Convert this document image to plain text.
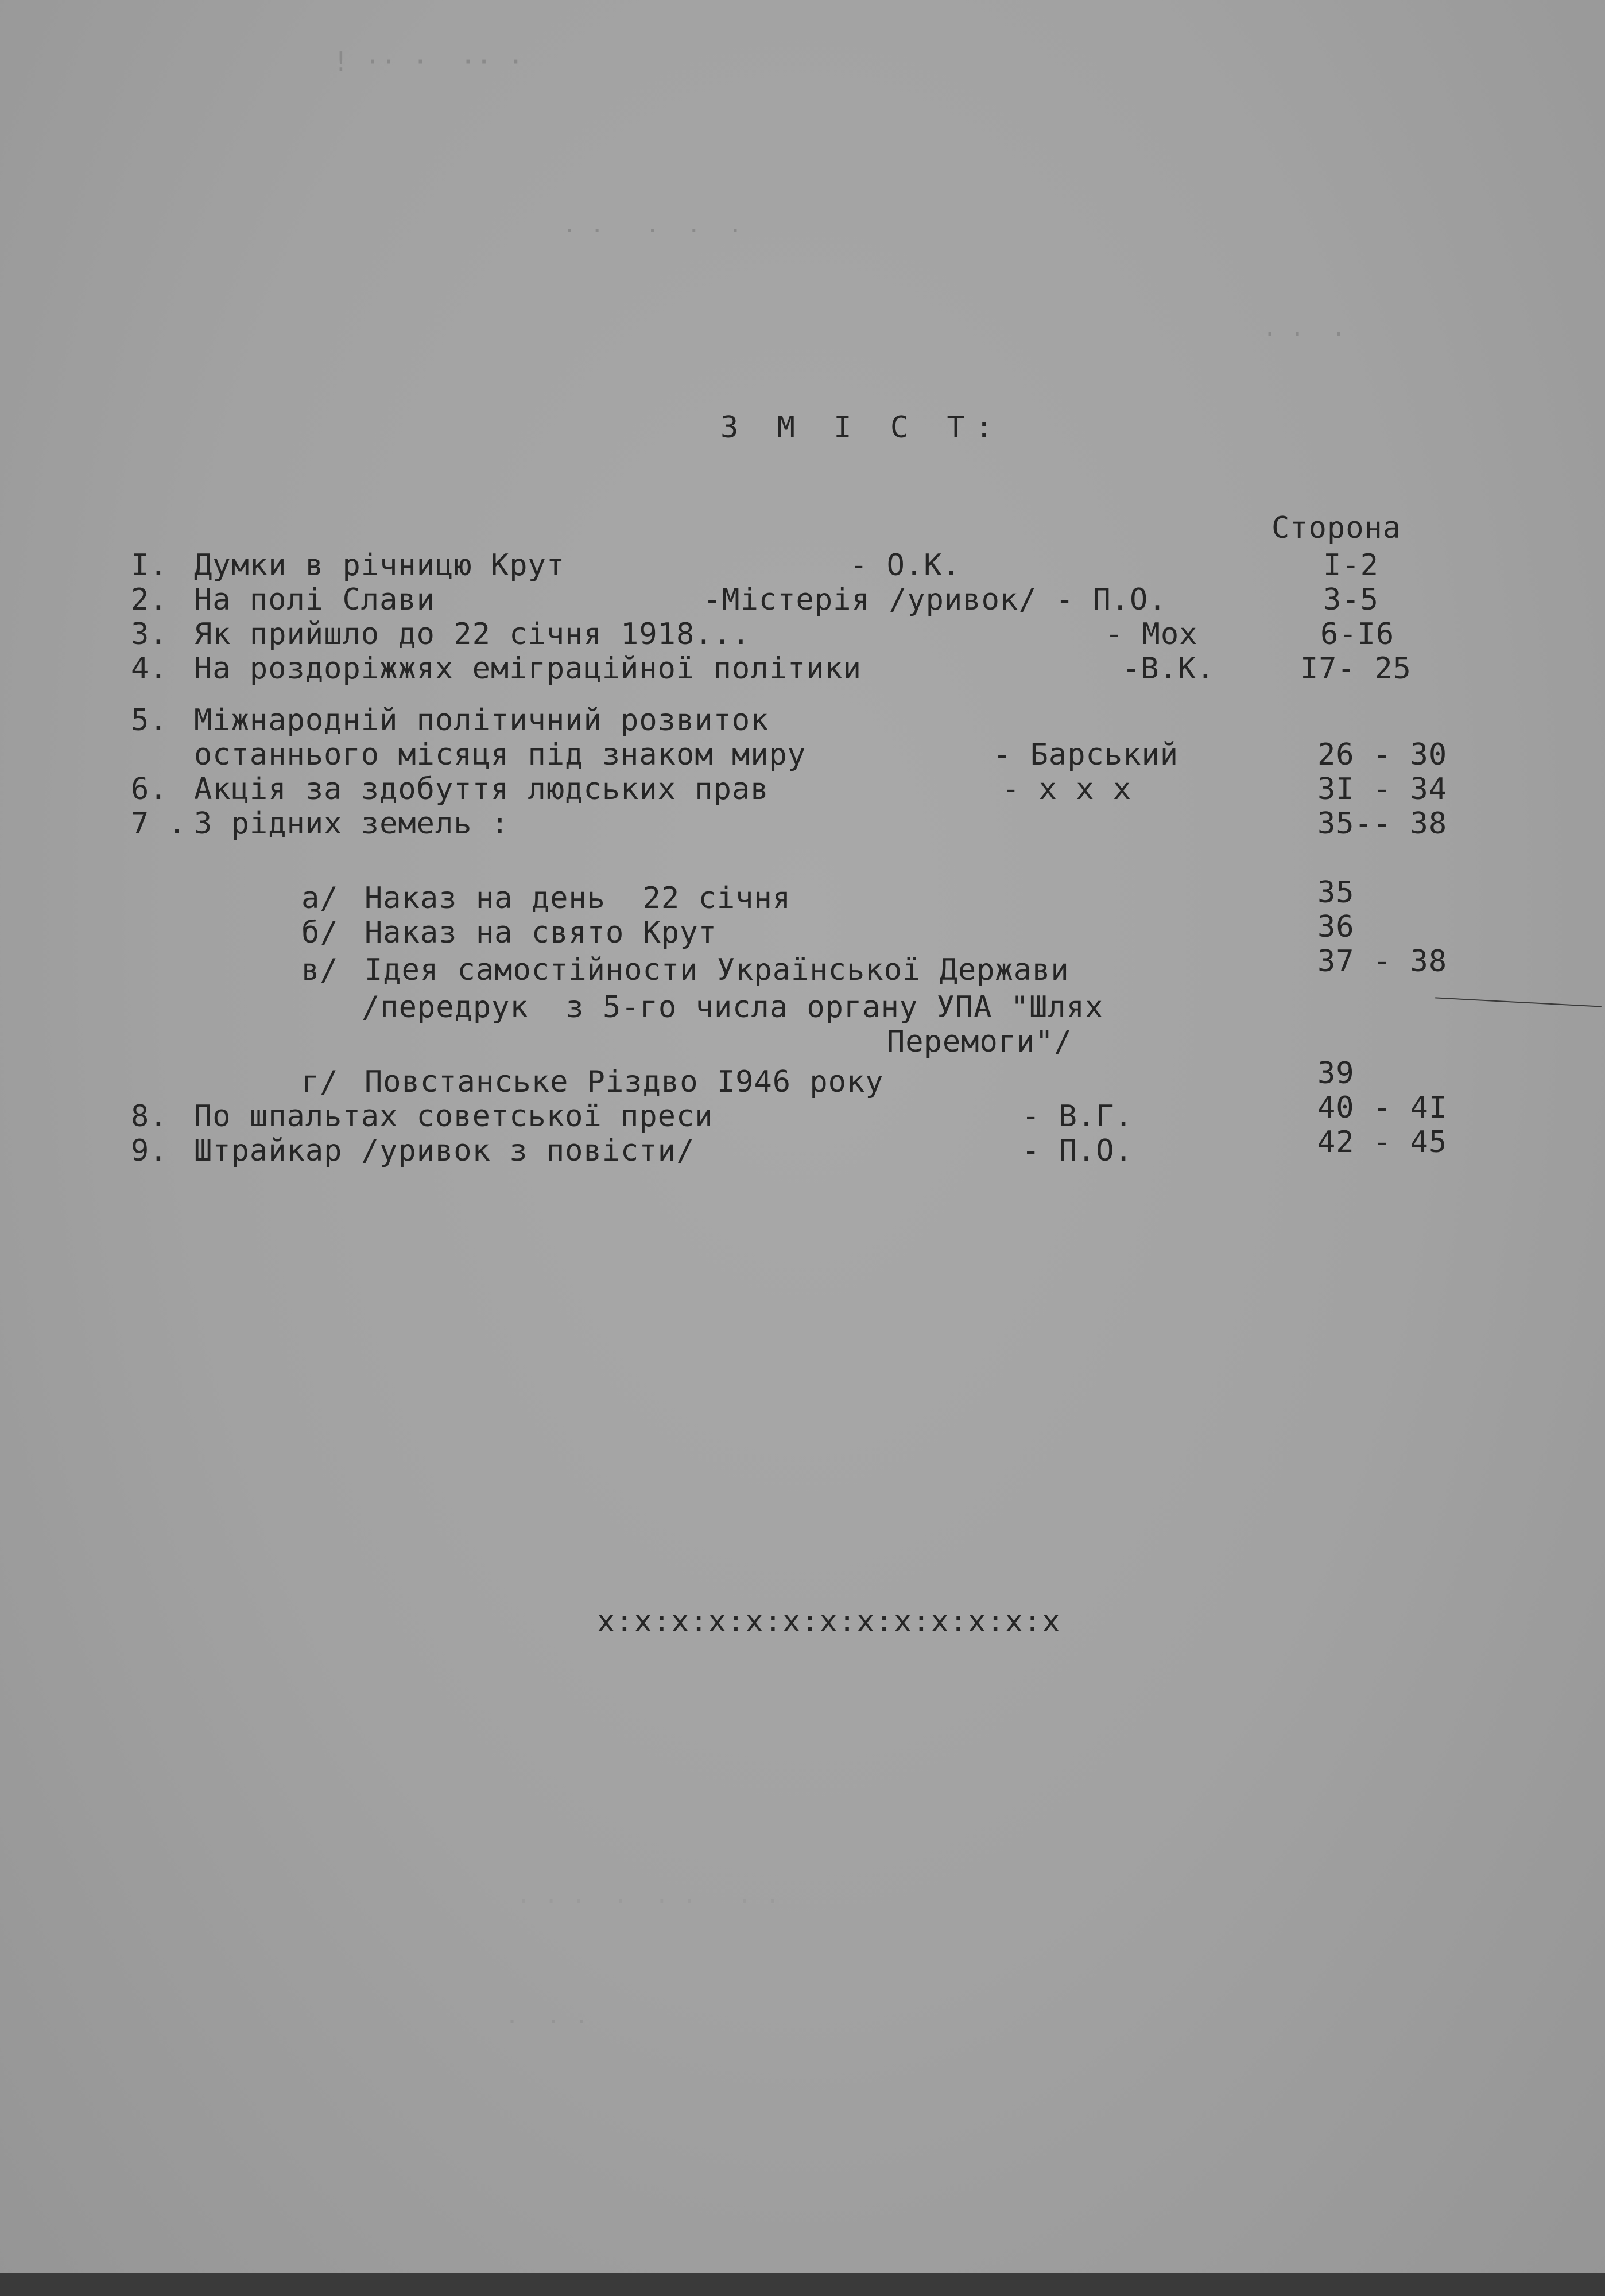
! ·· ·  ·· ·
· ·   ·  ·  ·
· ·  ·
З М І С Т:
Сторона
I. Думки в річницю Крут	- О.К.	I-2
2. На полі Слави	-Містерія /уривок/ - П.О.	3-5
3. Як прийшло до 22 січня 1918...	- Мох	6-I6
4. На роздоріжжях еміграційної політики	-В.К.	I7- 25
5. Міжнародній політичний розвиток
останнього місяця під знаком миру	- Барський	26 - 30
6. Акція за здобуття людських прав	- x x x	3I - 34
7 . З рідних земель :	35-- 38
а/ Наказ на день  22 січня	35
б/ Наказ на свято Крут	36
в/ Ідея самостійности Української Держави	37 - 38
/передрук  з 5-го числа органу УПА "Шлях
Перемоги"/
г/ Повстанське Різдво I946 року	39
8. По шпальтах советської преси	- В.Г.	40 - 4I
9. Штрайкар /уривок з повісти/	- П.О.	42 - 45
x:x:x:x:x:x:x:x:x:x:x:x:x
· · ·  ·  · ·   · ·
·  · ·
